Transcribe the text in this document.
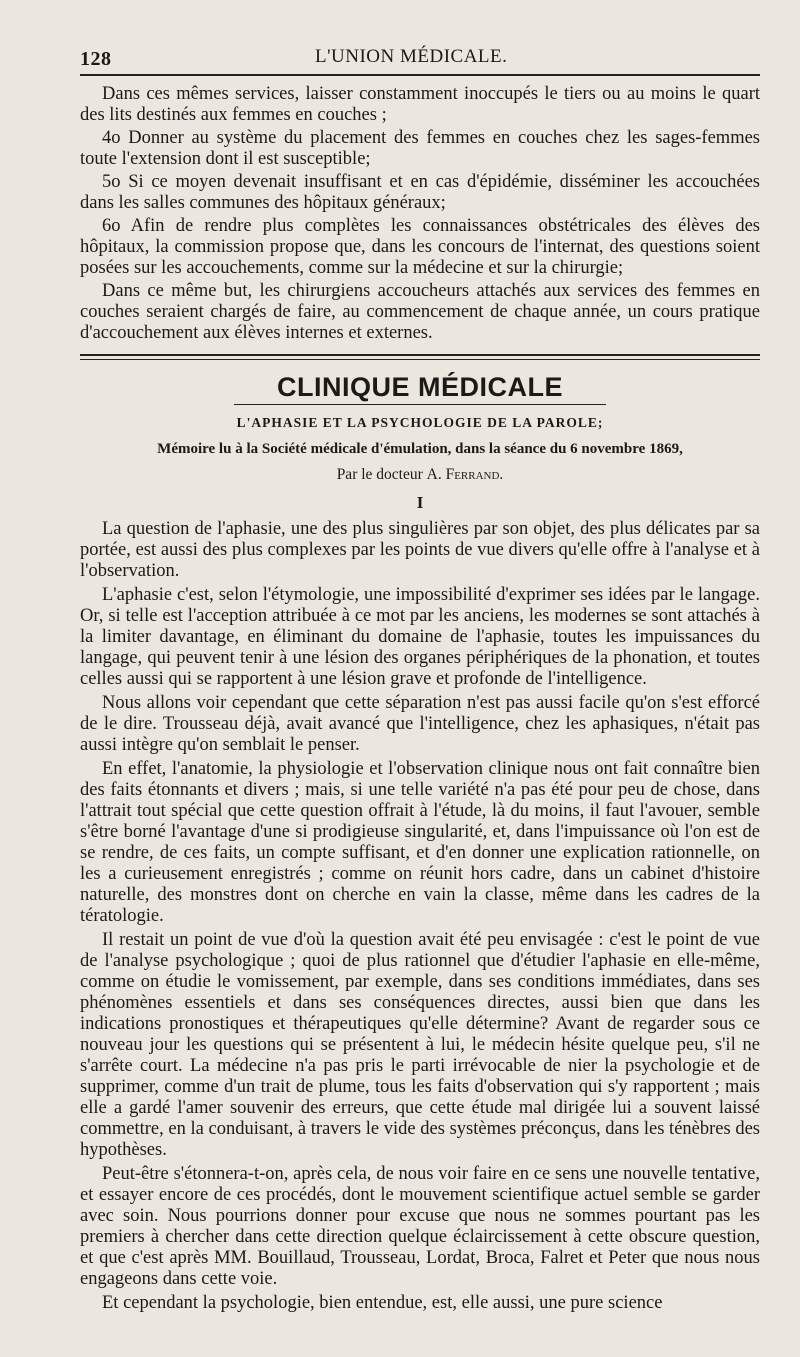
128	L'UNION MÉDICALE.

Dans ces mêmes services, laisser constamment inoccupés le tiers ou au moins le quart des lits destinés aux femmes en couches ;

4o Donner au système du placement des femmes en couches chez les sages-femmes toute l'extension dont il est susceptible;

5o Si ce moyen devenait insuffisant et en cas d'épidémie, disséminer les accouchées dans les salles communes des hôpitaux généraux;

6o Afin de rendre plus complètes les connaissances obstétricales des élèves des hôpitaux, la commission propose que, dans les concours de l'internat, des questions soient posées sur les accouchements, comme sur la médecine et sur la chirurgie;

Dans ce même but, les chirurgiens accoucheurs attachés aux services des femmes en couches seraient chargés de faire, au commencement de chaque année, un cours pratique d'accouchement aux élèves internes et externes.

CLINIQUE MÉDICALE
L'APHASIE ET LA PSYCHOLOGIE DE LA PAROLE;
Mémoire lu à la Société médicale d'émulation, dans la séance du 6 novembre 1869,
Par le docteur A. Ferrand.
I

La question de l'aphasie, une des plus singulières par son objet, des plus délicates par sa portée, est aussi des plus complexes par les points de vue divers qu'elle offre à l'analyse et à l'observation.

L'aphasie c'est, selon l'étymologie, une impossibilité d'exprimer ses idées par le langage. Or, si telle est l'acception attribuée à ce mot par les anciens, les modernes se sont attachés à la limiter davantage, en éliminant du domaine de l'aphasie, toutes les impuissances du langage, qui peuvent tenir à une lésion des organes périphériques de la phonation, et toutes celles aussi qui se rapportent à une lésion grave et profonde de l'intelligence.

Nous allons voir cependant que cette séparation n'est pas aussi facile qu'on s'est efforcé de le dire. Trousseau déjà, avait avancé que l'intelligence, chez les aphasiques, n'était pas aussi intègre qu'on semblait le penser.

En effet, l'anatomie, la physiologie et l'observation clinique nous ont fait connaître bien des faits étonnants et divers ; mais, si une telle variété n'a pas été pour peu de chose, dans l'attrait tout spécial que cette question offrait à l'étude, là du moins, il faut l'avouer, semble s'être borné l'avantage d'une si prodigieuse singularité, et, dans l'impuissance où l'on est de se rendre, de ces faits, un compte suffisant, et d'en donner une explication rationnelle, on les a curieusement enregistrés ; comme on réunit hors cadre, dans un cabinet d'histoire naturelle, des monstres dont on cherche en vain la classe, même dans les cadres de la tératologie.

Il restait un point de vue d'où la question avait été peu envisagée : c'est le point de vue de l'analyse psychologique ; quoi de plus rationnel que d'étudier l'aphasie en elle-même, comme on étudie le vomissement, par exemple, dans ses conditions immédiates, dans ses phénomènes essentiels et dans ses conséquences directes, aussi bien que dans les indications pronostiques et thérapeutiques qu'elle détermine? Avant de regarder sous ce nouveau jour les questions qui se présentent à lui, le médecin hésite quelque peu, s'il ne s'arrête court. La médecine n'a pas pris le parti irrévocable de nier la psychologie et de supprimer, comme d'un trait de plume, tous les faits d'observation qui s'y rapportent ; mais elle a gardé l'amer souvenir des erreurs, que cette étude mal dirigée lui a souvent laissé commettre, en la conduisant, à travers le vide des systèmes préconçus, dans les ténèbres des hypothèses.

Peut-être s'étonnera-t-on, après cela, de nous voir faire en ce sens une nouvelle tentative, et essayer encore de ces procédés, dont le mouvement scientifique actuel semble se garder avec soin. Nous pourrions donner pour excuse que nous ne sommes pourtant pas les premiers à chercher dans cette direction quelque éclaircissement à cette obscure question, et que c'est après MM. Bouillaud, Trousseau, Lordat, Broca, Falret et Peter que nous nous engageons dans cette voie.

Et cependant la psychologie, bien entendue, est, elle aussi, une pure science
